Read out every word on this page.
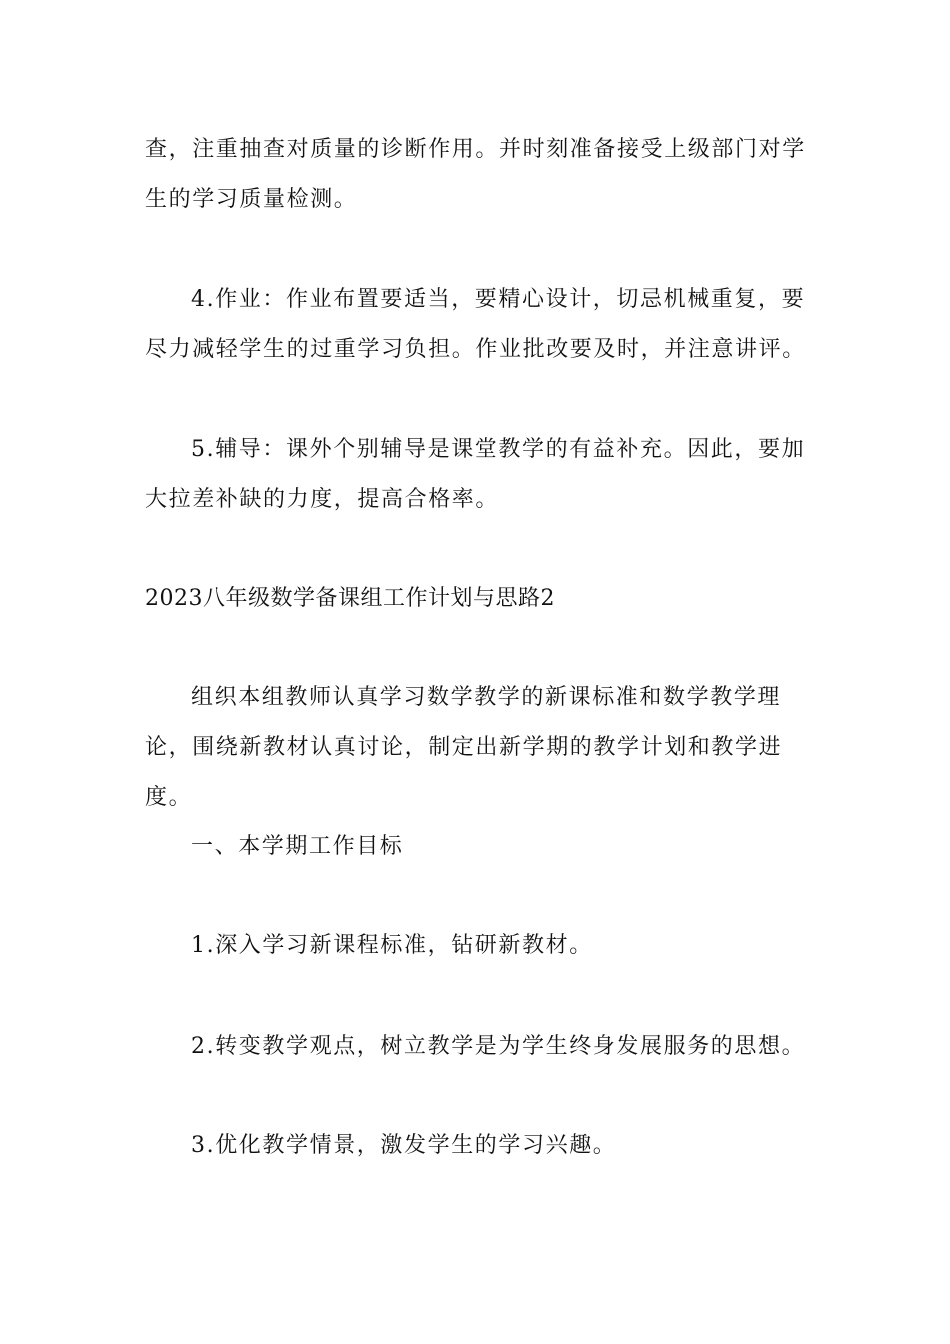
查，注重抽查对质量的诊断作用。并时刻准备接受上级部门对学生的学习质量检测。

4.作业：作业布置要适当，要精心设计，切忌机械重复，要尽力减轻学生的过重学习负担。作业批改要及时，并注意讲评。

5.辅导：课外个别辅导是课堂教学的有益补充。因此，要加大拉差补缺的力度，提高合格率。

2023八年级数学备课组工作计划与思路2

组织本组教师认真学习数学教学的新课标准和数学教学理论，围绕新教材认真讨论，制定出新学期的教学计划和教学进度。

一、本学期工作目标

1.深入学习新课程标准，钻研新教材。

2.转变教学观点，树立教学是为学生终身发展服务的思想。

3.优化教学情景，激发学生的学习兴趣。
